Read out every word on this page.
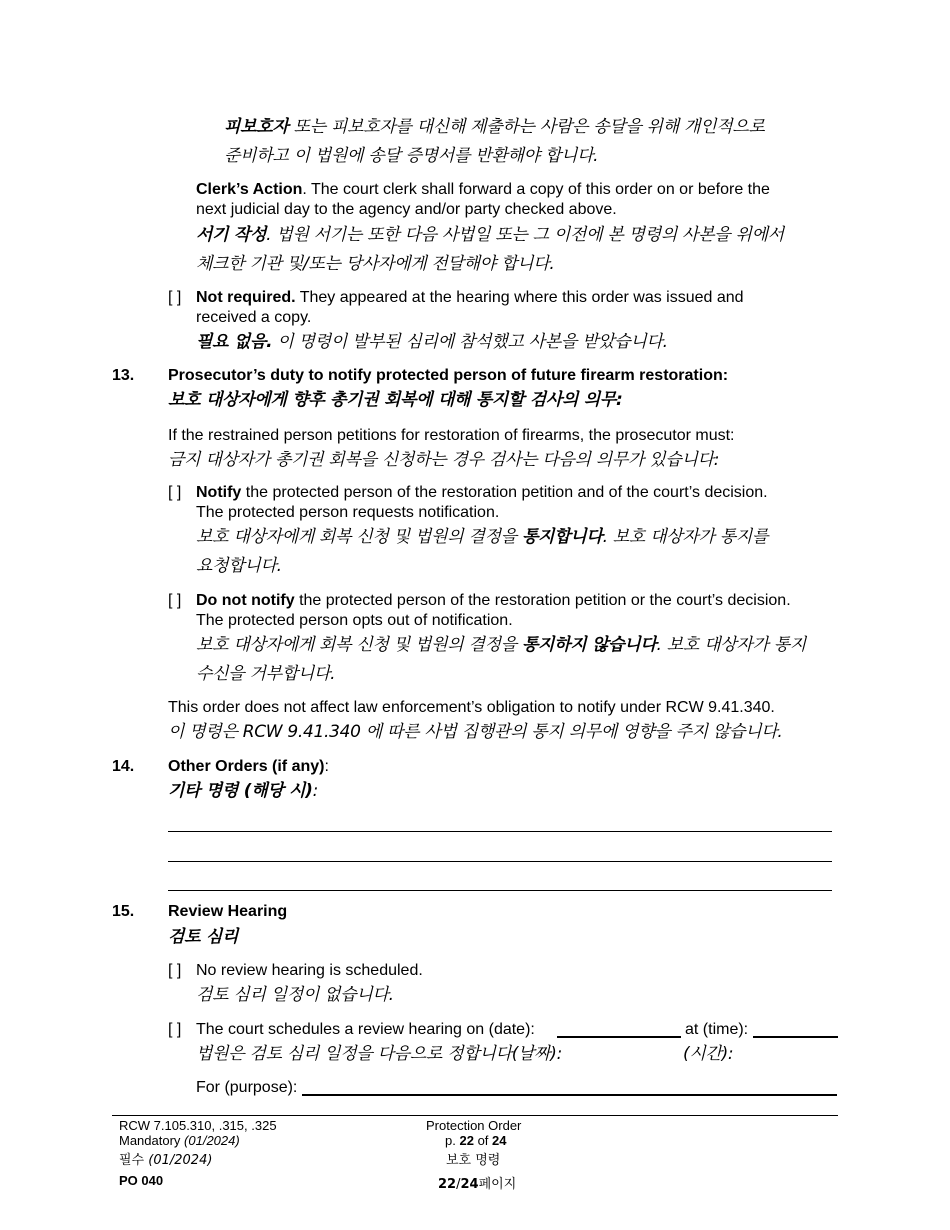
피보호자 또는 피보호자를 대신해 제출하는 사람은 송달을 위해 개인적으로
준비하고 이 법원에 송달 증명서를 반환해야 합니다.
Clerk’s Action. The court clerk shall forward a copy of this order on or before the
next judicial day to the agency and/or party checked above.
서기 작성. 법원 서기는 또한 다음 사법일 또는 그 이전에 본 명령의 사본을 위에서
체크한 기관 및/또는 당사자에게 전달해야 합니다.
[ ] Not required. They appeared at the hearing where this order was issued and
received a copy.
필요 없음. 이 명령이 발부된 심리에 참석했고 사본을 받았습니다.
13. Prosecutor’s duty to notify protected person of future firearm restoration:
보호 대상자에게 향후 총기권 회복에 대해 통지할 검사의 의무:
If the restrained person petitions for restoration of firearms, the prosecutor must:
금지 대상자가 총기권 회복을 신청하는 경우 검사는 다음의 의무가 있습니다:
[ ] Notify the protected person of the restoration petition and of the court’s decision.
The protected person requests notification.
보호 대상자에게 회복 신청 및 법원의 결정을 통지합니다. 보호 대상자가 통지를
요청합니다.
[ ] Do not notify the protected person of the restoration petition or the court’s decision.
The protected person opts out of notification.
보호 대상자에게 회복 신청 및 법원의 결정을 통지하지 않습니다. 보호 대상자가 통지
수신을 거부합니다.
This order does not affect law enforcement’s obligation to notify under RCW 9.41.340.
이 명령은 RCW 9.41.340 에 따른 사법 집행관의 통지 의무에 영향을 주지 않습니다.
14. Other Orders (if any):
기타 명령 (해당 시):
15. Review Hearing
검토 심리
[ ] No review hearing is scheduled.
검토 심리 일정이 없습니다.
[ ] The court schedules a review hearing on (date):	at (time):
법원은 검토 심리 일정을 다음으로 정합니다(날짜):	(시간):
For (purpose):
RCW 7.105.310, .315, .325
Mandatory (01/2024)
필수 (01/2024)
PO 040
Protection Order
p. 22 of 24
보호 명령
22/24페이지
